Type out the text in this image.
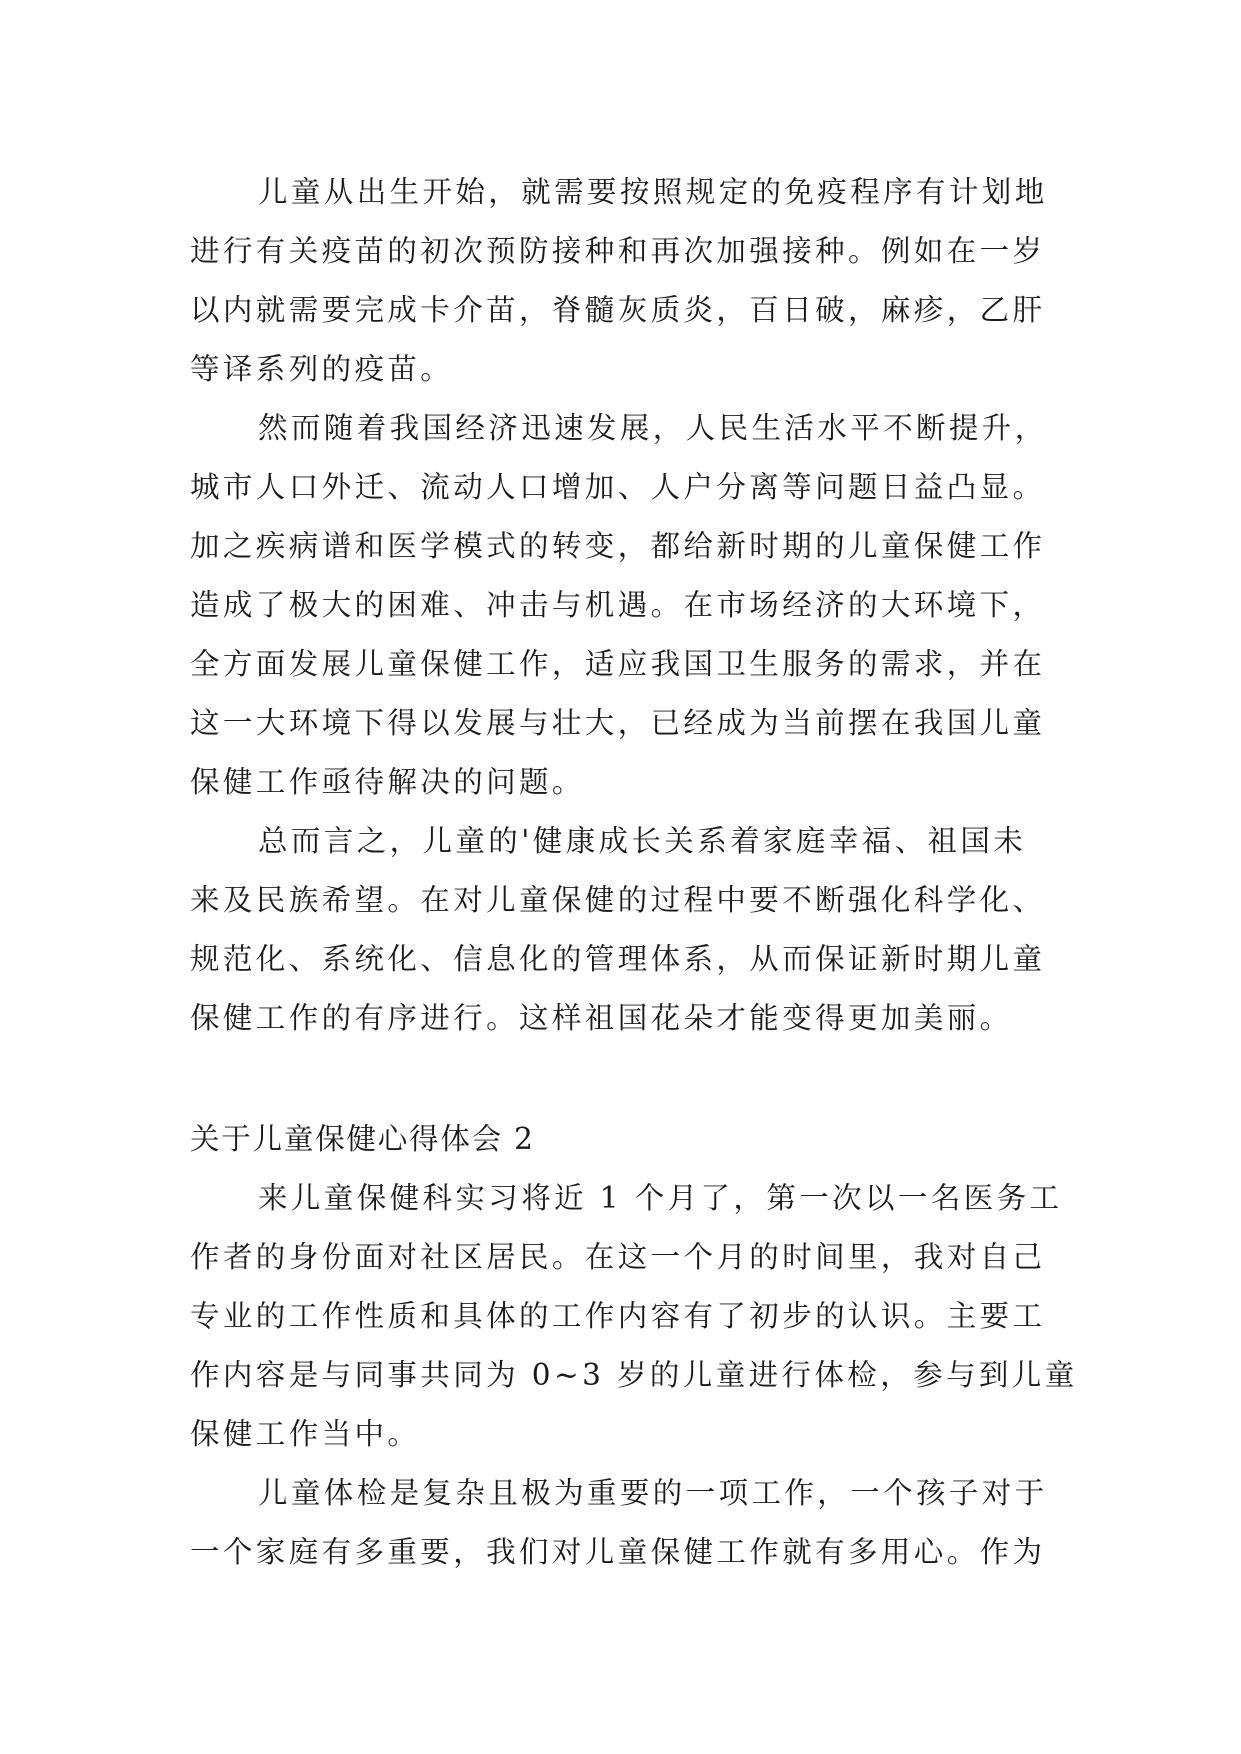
儿童从出生开始，就需要按照规定的免疫程序有计划地
进行有关疫苗的初次预防接种和再次加强接种。例如在一岁
以内就需要完成卡介苗，脊髓灰质炎，百日破，麻疹，乙肝
等译系列的疫苗。
然而随着我国经济迅速发展，人民生活水平不断提升，
城市人口外迁、流动人口增加、人户分离等问题日益凸显。
加之疾病谱和医学模式的转变，都给新时期的儿童保健工作
造成了极大的困难、冲击与机遇。在市场经济的大环境下，
全方面发展儿童保健工作，适应我国卫生服务的需求，并在
这一大环境下得以发展与壮大，已经成为当前摆在我国儿童
保健工作亟待解决的问题。
总而言之，儿童的'健康成长关系着家庭幸福、祖国未
来及民族希望。在对儿童保健的过程中要不断强化科学化、
规范化、系统化、信息化的管理体系，从而保证新时期儿童
保健工作的有序进行。这样祖国花朵才能变得更加美丽。
关于儿童保健心得体会 2
来儿童保健科实习将近 1 个月了，第一次以一名医务工
作者的身份面对社区居民。在这一个月的时间里，我对自己
专业的工作性质和具体的工作内容有了初步的认识。主要工
作内容是与同事共同为 0~3 岁的儿童进行体检，参与到儿童
保健工作当中。
儿童体检是复杂且极为重要的一项工作，一个孩子对于
一个家庭有多重要，我们对儿童保健工作就有多用心。作为
